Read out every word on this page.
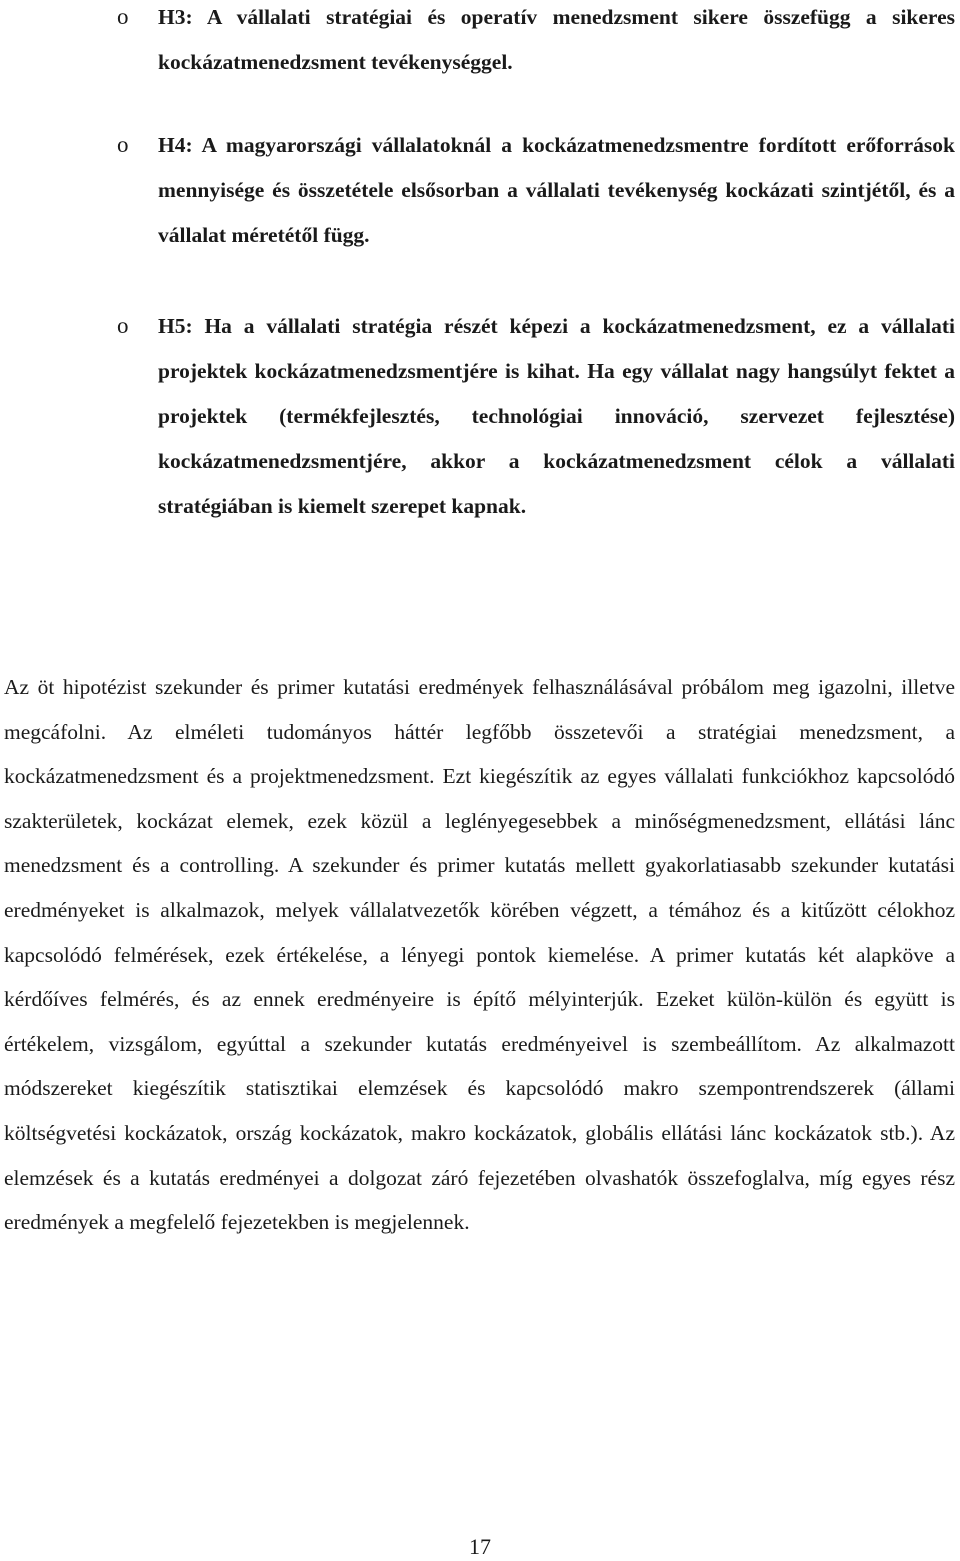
o H3: A vállalati stratégiai és operatív menedzsment sikere összefügg a sikeres kockázatmenedzsment tevékenységgel.
o H4: A magyarországi vállalatoknál a kockázatmenedzsmentre fordított erőforrások mennyisége és összetétele elsősorban a vállalati tevékenység kockázati szintjétől, és a vállalat méretétől függ.
o H5: Ha a vállalati stratégia részét képezi a kockázatmenedzsment, ez a vállalati projektek kockázatmenedzsmentjére is kihat. Ha egy vállalat nagy hangsúlyt fektet a projektek (termékfejlesztés, technológiai innováció, szervezet fejlesztése) kockázatmenedzsmentjére, akkor a kockázatmenedzsment célok a vállalati stratégiában is kiemelt szerepet kapnak.

Az öt hipotézist szekunder és primer kutatási eredmények felhasználásával próbálom meg igazolni, illetve megcáfolni. Az elméleti tudományos háttér legfőbb összetevői a stratégiai menedzsment, a kockázatmenedzsment és a projektmenedzsment. Ezt kiegészítik az egyes vállalati funkciókhoz kapcsolódó szakterületek, kockázat elemek, ezek közül a leglényegesebbek a minőségmenedzsment, ellátási lánc menedzsment és a controlling. A szekunder és primer kutatás mellett gyakorlatiasabb szekunder kutatási eredményeket is alkalmazok, melyek vállalatvezetők körében végzett, a témához és a kitűzött célokhoz kapcsolódó felmérések, ezek értékelése, a lényegi pontok kiemelése. A primer kutatás két alapköve a kérdőíves felmérés, és az ennek eredményeire is építő mélyinterjúk. Ezeket külön-külön és együtt is értékelem, vizsgálom, egyúttal a szekunder kutatás eredményeivel is szembeállítom. Az alkalmazott módszereket kiegészítik statisztikai elemzések és kapcsolódó makro szempontrendszerek (állami költségvetési kockázatok, ország kockázatok, makro kockázatok, globális ellátási lánc kockázatok stb.). Az elemzések és a kutatás eredményei a dolgozat záró fejezetében olvashatók összefoglalva, míg egyes rész eredmények a megfelelő fejezetekben is megjelennek.

17
